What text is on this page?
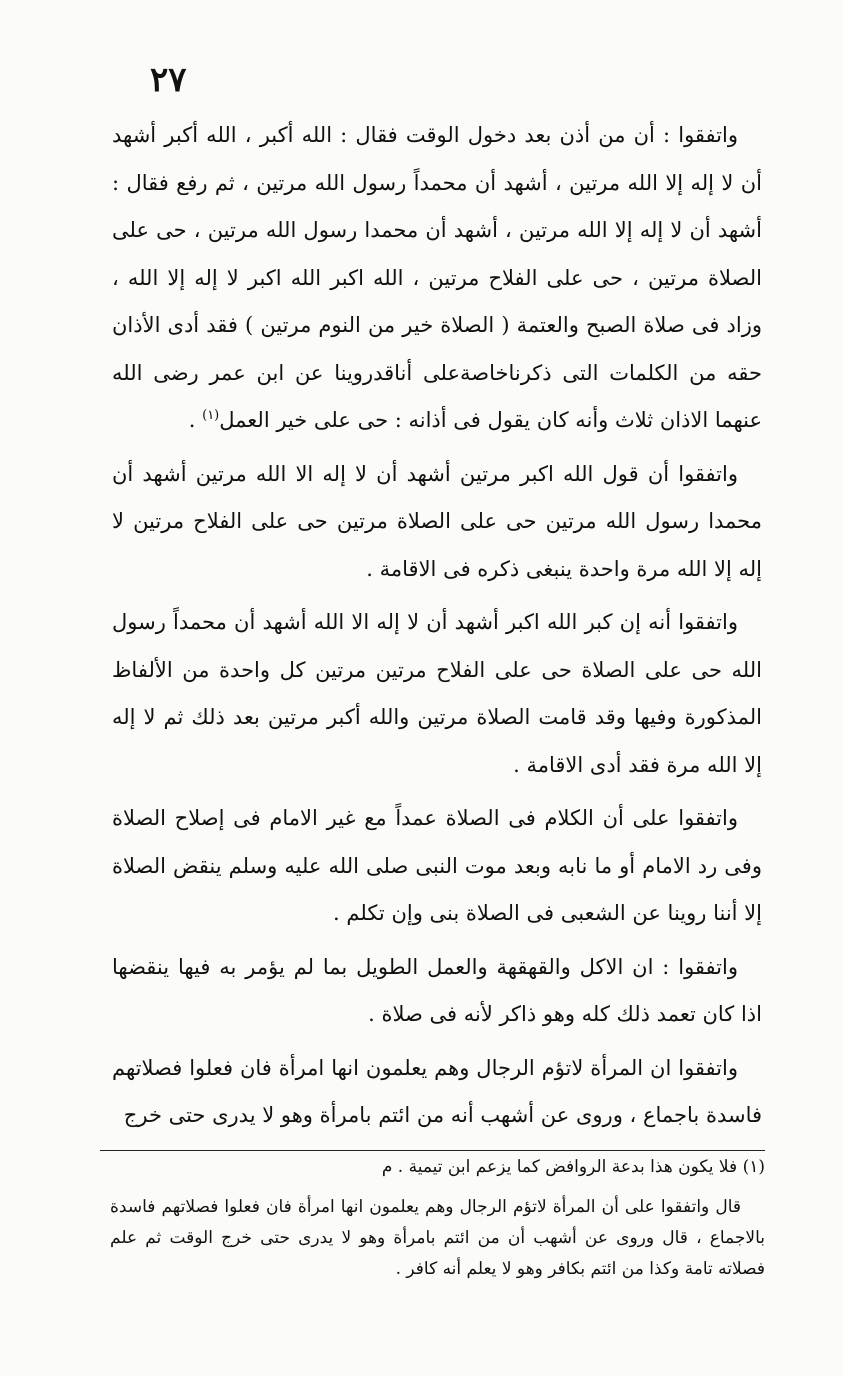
٢٧

واتفقوا : أن من أذن بعد دخول الوقت فقال : الله أكبر ، الله أكبر أشهد أن لا إله إلا الله مرتين ، أشهد أن محمداً رسول الله مرتين ، ثم رفع فقال : أشهد أن لا إله إلا الله مرتين ، أشهد أن محمدا رسول الله مرتين ، حى على الصلاة مرتين ، حى على الفلاح مرتين ، الله اكبر الله اكبر لا إله إلا الله ، وزاد فى صلاة الصبح والعتمة ( الصلاة خير من النوم مرتين ) فقد أدى الأذان حقه من الكلمات التى ذكرناخاصةعلى أناقدروينا عن ابن عمر رضى الله عنهما الاذان ثلاث وأنه كان يقول فى أذانه : حى على خير العمل$^{(١)}$ .

واتفقوا أن قول الله اكبر مرتين أشهد أن لا إله الا الله مرتين أشهد أن محمدا رسول الله مرتين حى على الصلاة مرتين حى على الفلاح مرتين لا إله إلا الله مرة واحدة ينبغى ذكره فى الاقامة .

واتفقوا أنه إن كبر الله اكبر أشهد أن لا إله الا الله أشهد أن محمداً رسول الله حى على الصلاة حى على الفلاح مرتين مرتين كل واحدة من الألفاظ المذكورة وفيها وقد قامت الصلاة مرتين والله أكبر مرتين بعد ذلك ثم لا إله إلا الله مرة فقد أدى الاقامة .

واتفقوا على أن الكلام فى الصلاة عمداً مع غير الامام فى إصلاح الصلاة وفى رد الامام أو ما نابه وبعد موت النبى صلى الله عليه وسلم ينقض الصلاة إلا أننا روينا عن الشعبى فى الصلاة بنى وإن تكلم .

واتفقوا : ان الاكل والقهقهة والعمل الطويل بما لم يؤمر به فيها ينقضها اذا كان تعمد ذلك كله وهو ذاكر لأنه فى صلاة .

واتفقوا ان المرأة لاتؤم الرجال وهم يعلمون انها امرأة فان فعلوا فصلاتهم فاسدة باجماع ، وروى عن أشهب أنه من ائتم بامرأة وهو لا يدرى حتى خرج

(١) فلا يكون هذا بدعة الروافض كما يزعم ابن تيمية . م

قال واتفقوا على أن المرأة لاتؤم الرجال وهم يعلمون انها امرأة فان فعلوا فصلاتهم فاسدة بالاجماع ، قال وروى عن أشهب أن من ائتم بامرأة وهو لا يدرى حتى خرج الوقت ثم علم فصلاته تامة وكذا من ائتم بكافر وهو لا يعلم أنه كافر .
